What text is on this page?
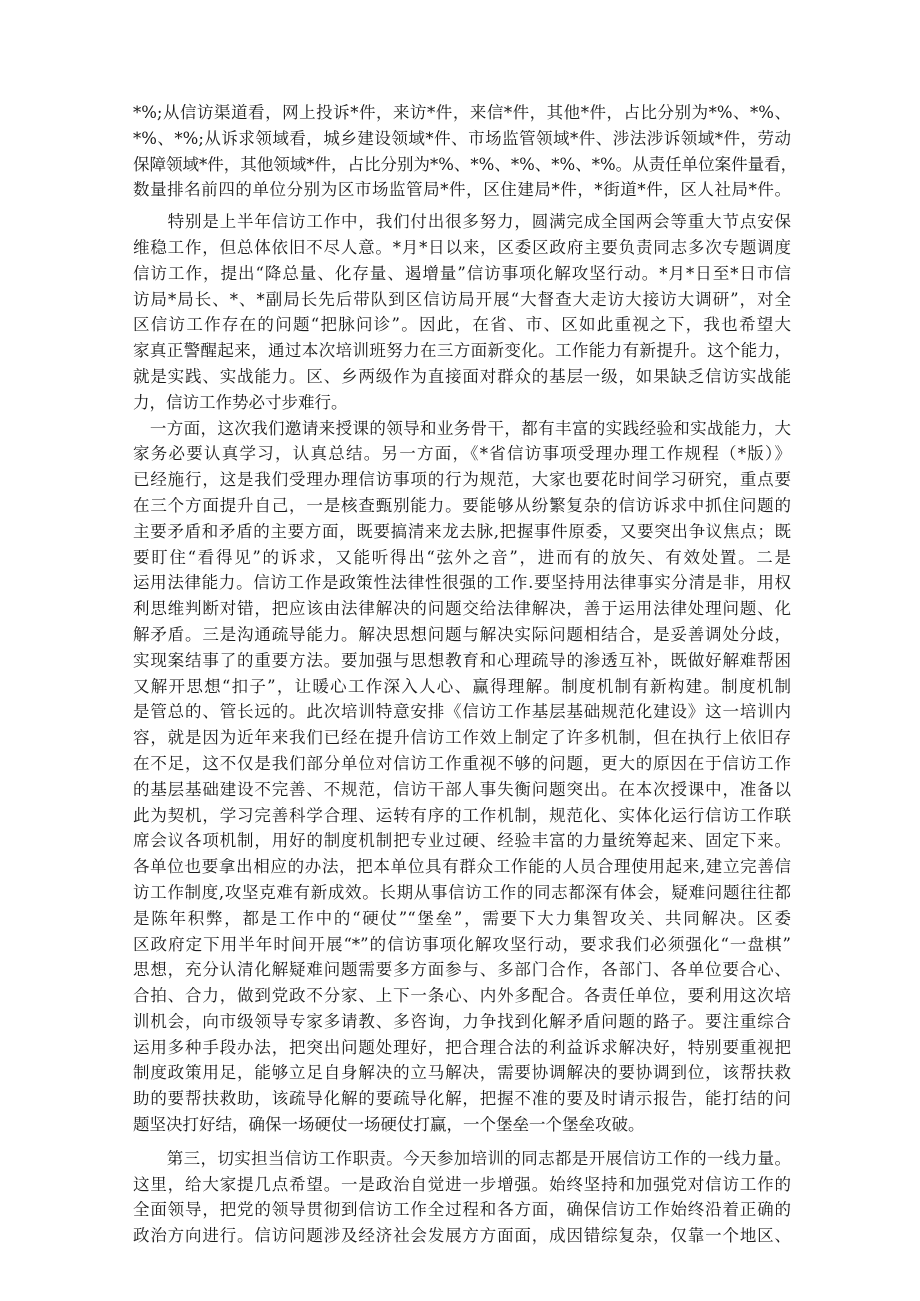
*%;从信访渠道看，网上投诉*件，来访*件，来信*件，其他*件，占比分别为*%、*%、
*%、*%;从诉求领域看，城乡建设领域*件、市场监管领域*件、涉法涉诉领域*件，劳动
保障领域*件，其他领域*件，占比分别为*%、*%、*%、*%、*%。从责任单位案件量看，
数量排名前四的单位分别为区市场监管局*件，区住建局*件，*街道*件，区人社局*件。
　　特别是上半年信访工作中，我们付出很多努力，圆满完成全国两会等重大节点安保
维稳工作，但总体依旧不尽人意。*月*日以来，区委区政府主要负责同志多次专题调度
信访工作，提出“降总量、化存量、遏增量”信访事项化解攻坚行动。*月*日至*日市信
访局*局长、*、*副局长先后带队到区信访局开展“大督查大走访大接访大调研”，对全
区信访工作存在的问题“把脉问诊”。因此，在省、市、区如此重视之下，我也希望大
家真正警醒起来，通过本次培训班努力在三方面新变化。工作能力有新提升。这个能力，
就是实践、实战能力。区、乡两级作为直接面对群众的基层一级，如果缺乏信访实战能
力，信访工作势必寸步难行。
　一方面，这次我们邀请来授课的领导和业务骨干，都有丰富的实践经验和实战能力，大
家务必要认真学习，认真总结。另一方面，《*省信访事项受理办理工作规程（*版）》
已经施行，这是我们受理办理信访事项的行为规范，大家也要花时间学习研究，重点要
在三个方面提升自己，一是核查甄别能力。要能够从纷繁复杂的信访诉求中抓住问题的
主要矛盾和矛盾的主要方面，既要搞清来龙去脉,把握事件原委，又要突出争议焦点；既
要盯住“看得见”的诉求，又能听得出“弦外之音”，进而有的放矢、有效处置。二是
运用法律能力。信访工作是政策性法律性很强的工作.要坚持用法律事实分清是非，用权
利思维判断对错，把应该由法律解决的问题交给法律解决，善于运用法律处理问题、化
解矛盾。三是沟通疏导能力。解决思想问题与解决实际问题相结合，是妥善调处分歧，
实现案结事了的重要方法。要加强与思想教育和心理疏导的渗透互补，既做好解难帮困
又解开思想“扣子”，让暖心工作深入人心、赢得理解。制度机制有新构建。制度机制
是管总的、管长远的。此次培训特意安排《信访工作基层基础规范化建设》这一培训内
容，就是因为近年来我们已经在提升信访工作效上制定了许多机制，但在执行上依旧存
在不足，这不仅是我们部分单位对信访工作重视不够的问题，更大的原因在于信访工作
的基层基础建设不完善、不规范，信访干部人事失衡问题突出。在本次授课中，准备以
此为契机，学习完善科学合理、运转有序的工作机制，规范化、实体化运行信访工作联
席会议各项机制，用好的制度机制把专业过硬、经验丰富的力量统筹起来、固定下来。
各单位也要拿出相应的办法，把本单位具有群众工作能的人员合理使用起来,建立完善信
访工作制度,攻坚克难有新成效。长期从事信访工作的同志都深有体会，疑难问题往往都
是陈年积弊，都是工作中的“硬仗”“堡垒”，需要下大力集智攻关、共同解决。区委
区政府定下用半年时间开展“*”的信访事项化解攻坚行动，要求我们必须强化“一盘棋”
思想，充分认清化解疑难问题需要多方面参与、多部门合作，各部门、各单位要合心、
合拍、合力，做到党政不分家、上下一条心、内外多配合。各责任单位，要利用这次培
训机会，向市级领导专家多请教、多咨询，力争找到化解矛盾问题的路子。要注重综合
运用多种手段办法，把突出问题处理好，把合理合法的利益诉求解决好，特别要重视把
制度政策用足，能够立足自身解决的立马解决，需要协调解决的要协调到位，该帮扶救
助的要帮扶救助，该疏导化解的要疏导化解，把握不准的要及时请示报告，能打结的问
题坚决打好结，确保一场硬仗一场硬仗打赢，一个堡垒一个堡垒攻破。
　　第三，切实担当信访工作职责。今天参加培训的同志都是开展信访工作的一线力量。
这里，给大家提几点希望。一是政治自觉进一步增强。始终坚持和加强党对信访工作的
全面领导，把党的领导贯彻到信访工作全过程和各方面，确保信访工作始终沿着正确的
政治方向进行。信访问题涉及经济社会发展方方面面，成因错综复杂，仅靠一个地区、
